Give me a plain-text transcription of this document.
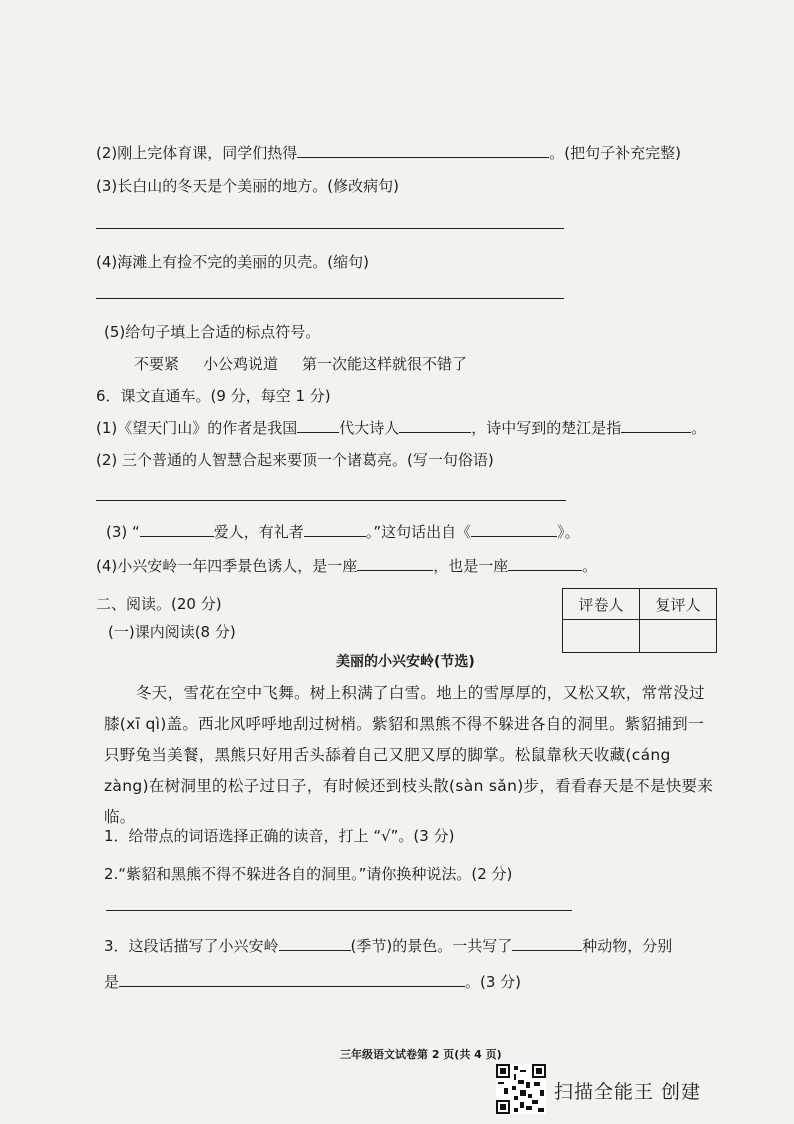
(2)刚上完体育课，同学们热得	。(把句子补充完整)
(3)长白山的冬天是个美丽的地方。(修改病句)
(4)海滩上有捡不完的美丽的贝壳。(缩句)
(5)给句子填上合适的标点符号。
不要紧 小公鸡说道 第一次能这样就很不错了
6．课文直通车。(9 分，每空 1 分)
(1)《望天门山》的作者是我国	代大诗人	，诗中写到的楚江是指	。
(2) 三个普通的人智慧合起来要顶一个诸葛亮。(写一句俗语)
(3) “	爱人，有礼者	。”这句话出自《	》。
(4)小兴安岭一年四季景色诱人，是一座	，也是一座	。
二、阅读。(20 分)
(一)课内阅读(8 分)
评卷人	复评人

美丽的小兴安岭(节选)
冬天，雪花在空中飞舞。树上积满了白雪。地上的雪厚厚的，又松又软，常常没过膝(xī qì)盖。西北风呼呼地刮过树梢。紫貂和黑熊不得不躲进各自的洞里。紫貂捕到一只野兔当美餐，黑熊只好用舌头舔着自己又肥又厚的脚掌。松鼠靠秋天收藏(cáng zàng)在树洞里的松子过日子，有时候还到枝头散(sàn sǎn)步，看看春天是不是快要来临。
1．给带点的词语选择正确的读音，打上 “√”。(3 分)
2.“紫貂和黑熊不得不躲进各自的洞里。”请你换种说法。(2 分)
3．这段话描写了小兴安岭	(季节)的景色。一共写了	种动物，分别
是	。(3 分)
三年级语文试卷第 2 页(共 4 页)
扫描全能王 创建
